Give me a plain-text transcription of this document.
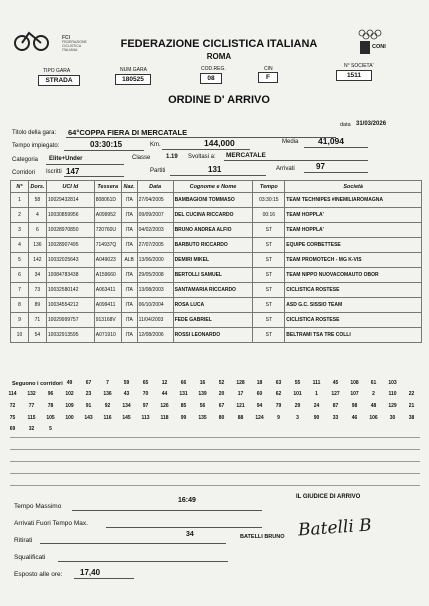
FCI
FEDERAZIONE
CICLISTICA
ITALIANA	FEDERAZIONE CICLISTICA ITALIANA
ROMA
CONI
TIPO GARA
STRADA
NUM.GARA
180525
COD.REG.
08
CIN
F
N° SOCIETA'
1511
ORDINE D' ARRIVO
Titolo della gara: 64°COPPA FIERA DI MERCATALE
data 31/03/2026
Tempo impiegato:	03:30:15	Km.	144,000	Media 41,094
Categoria Elite+Under	Classe	1.19 Svoltasi a: MERCATALE
Corridori Iscritti 147	Partiti	131	Arrivati	97
N°	Dors.	UCI Id	Tessera	Naz.	Data	Cognome e Nome	Tempo	Società
1	58	10029432814	808061D	ITA	27/04/2005	BAMBAGIONI TOMMASO	03:30:15	TEAM TECHNIPES #INEMILIAROMAGNA
2	4	10030859956	A099952	ITA	09/09/2007	DEL CUCINA RICCARDO	00:16	TEAM HOPPLA'
3	6	10028970850	720760U	ITA	04/02/2003	BRUNO ANDREA ALFIO	ST	TEAM HOPPLA'
4	136	10028907495	714937Q	ITA	27/07/2005	BARBUTO RICCARDO	ST	EQUIPE CORBETTESE
5	142	10032025643	A049023	ALB	13/06/2000	DEMIRI MIKEL	ST	TEAM PROMOTECH - MG K-VIS
6	34	10084783438	A159660	ITA	29/05/2008	BERTOLLI SAMUEL	ST	TEAM NIPPO NUOVACOMAUTO OBOR
7	73	10032580142	A063411	ITA	13/08/2003	SANTAMARIA RICCARDO	ST	CICLISTICA ROSTESE
8	89	10034554212	A099411	ITA	06/10/2004	ROSA LUCA	ST	ASD G.C. SISSIO TEAM
9	71	10029999757	913168V	ITA	11/04/2003	FEDE GABRIEL	ST	CICLISTICA ROSTESE
10	54	10032913595	A071910	ITA	12/08/2006	ROSSI LEONARDO	ST	BELTRAMI TSA TRE COLLI
Seguono i corridori
			49	67	7	59	65	12	66	16	52	128	18	63	55	111	45	108	61	103	
114	132	96	102	23	136	43	70	44	131	139	20	17	60	62	101	1	127	107	2	110	22
72	77	78	109	91	92	134	97	126	85	56	67	121	94	79	29	24	87	98	48	129	21
75	115	105	100	143	116	145	113	118	99	135	80	88	124	9	3	90	33	46	106	30	38
69	32	5																			
Tempo Massimo
16:49
Arrivati Fuori Tempo Max.
Ritirati
34
Squalificati
Esposto alle ore: 17,40
IL GIUDICE DI ARRIVO
BATELLI BRUNO Batelli B
